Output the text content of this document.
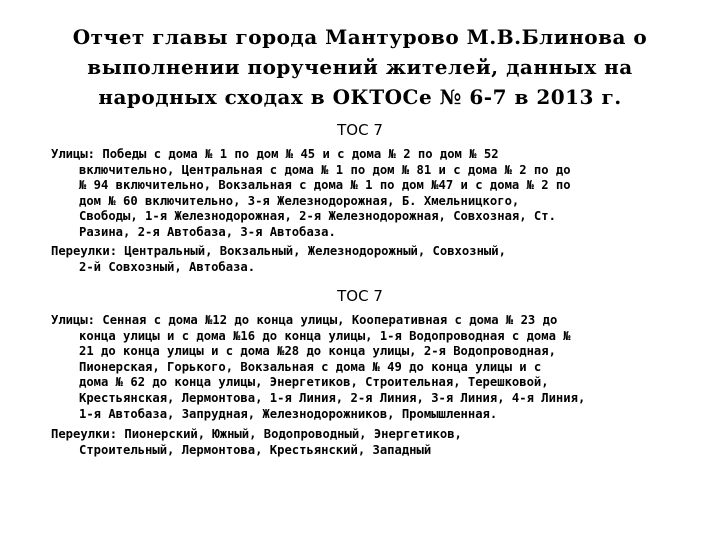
Отчет главы города Мантурово М.В.Блинова о
выполнении поручений жителей, данных на
народных сходах в ОКТОСе № 6-7 в 2013 г.
ТОС 7
Улицы: Победы с дома № 1 по дом № 45 и с дома № 2 по дом № 52
включительно, Центральная с дома № 1 по дом № 81 и с дома № 2 по до
№ 94 включительно, Вокзальная с дома № 1 по дом №47 и с дома № 2 по
дом № 60 включительно, 3-я Железнодорожная, Б. Хмельницкого,
Свободы, 1-я Железнодорожная, 2-я Железнодорожная, Совхозная, Ст.
Разина, 2-я Автобаза, 3-я Автобаза.
Переулки: Центральный, Вокзальный, Железнодорожный, Совхозный,
2-й Совхозный, Автобаза.
ТОС 7
Улицы: Сенная с дома №12 до конца улицы, Кооперативная с дома № 23 до
конца улицы и с дома №16 до конца улицы, 1-я Водопроводная с дома №
21 до конца улицы и с дома №28 до конца улицы, 2-я Водопроводная,
Пионерская, Горького, Вокзальная с дома № 49 до конца улицы и с
дома № 62 до конца улицы, Энергетиков, Строительная, Терешковой,
Крестьянская, Лермонтова, 1-я Линия, 2-я Линия, 3-я Линия, 4-я Линия,
1-я Автобаза, Запрудная, Железнодорожников, Промышленная.
Переулки: Пионерский, Южный, Водопроводный, Энергетиков,
Строительный, Лермонтова, Крестьянский, Западный
